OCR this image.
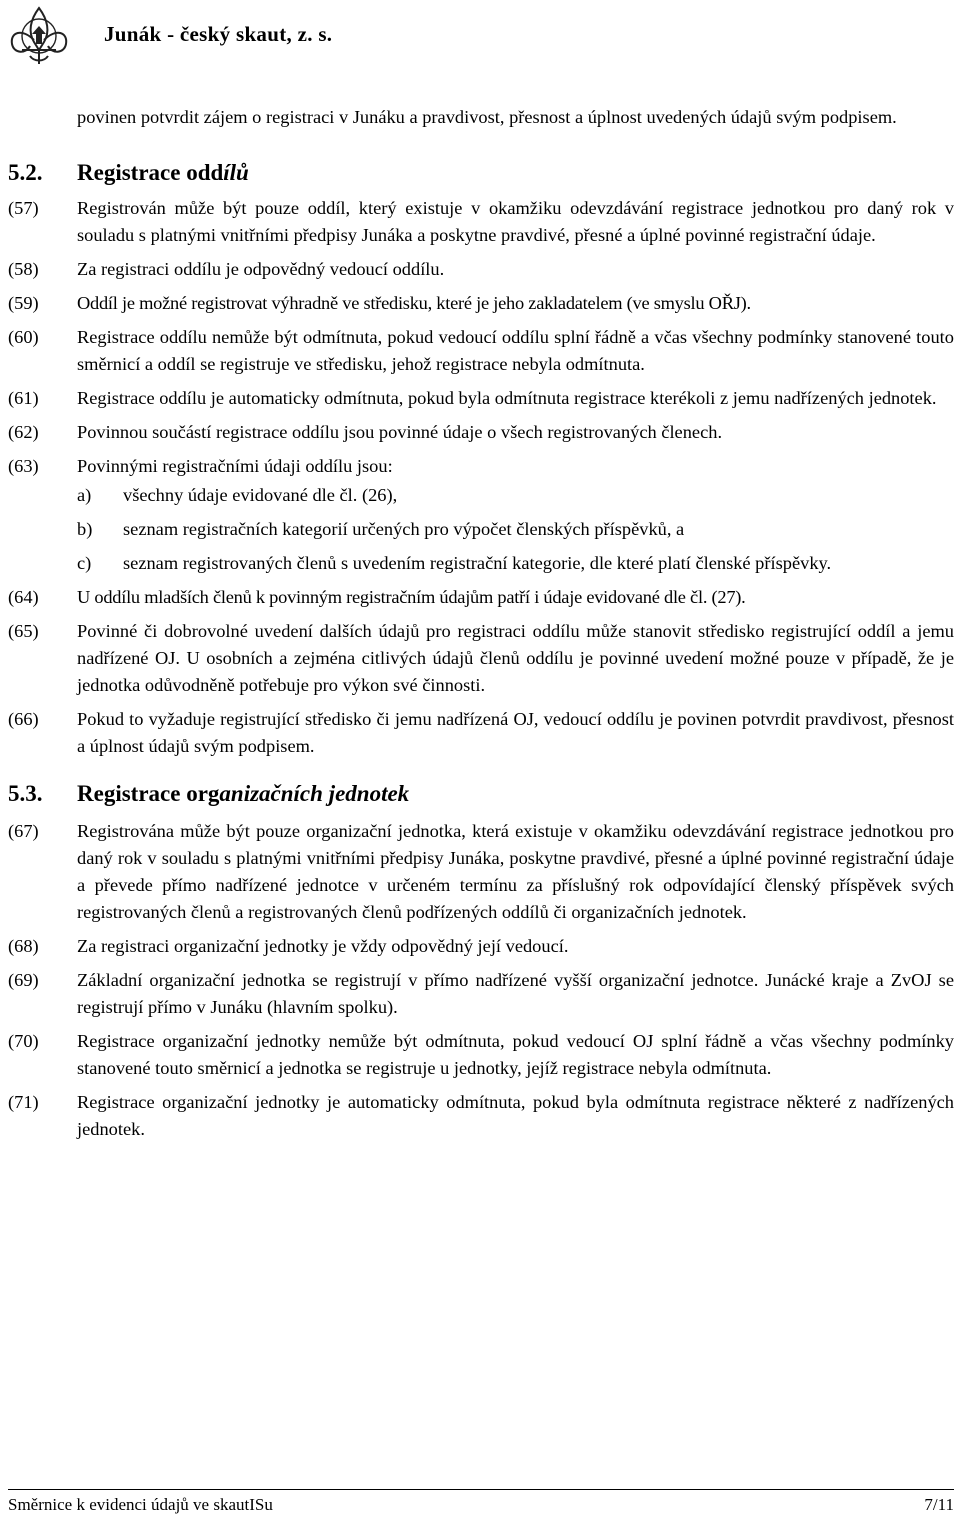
Junák - český skaut, z. s.

povinen potvrdit zájem o registraci v Junáku a pravdivost, přesnost a úplnost uvedených údajů svým podpisem.

5.2.	Registrace oddílů
(57)	Registrován může být pouze oddíl, který existuje v okamžiku odevzdávání registrace jednotkou pro daný rok v souladu s platnými vnitřními předpisy Junáka a poskytne pravdivé, přesné a úplné povinné registrační údaje.
(58)	Za registraci oddílu je odpovědný vedoucí oddílu.
(59)	Oddíl je možné registrovat výhradně ve středisku, které je jeho zakladatelem (ve smyslu OŘJ).
(60)	Registrace oddílu nemůže být odmítnuta, pokud vedoucí oddílu splní řádně a včas všechny podmínky stanovené touto směrnicí a oddíl se registruje ve středisku, jehož registrace nebyla odmítnuta.
(61)	Registrace oddílu je automaticky odmítnuta, pokud byla odmítnuta registrace kterékoli z jemu nadřízených jednotek.
(62)	Povinnou součástí registrace oddílu jsou povinné údaje o všech registrovaných členech.
(63)	Povinnými registračními údaji oddílu jsou:
a)	všechny údaje evidované dle čl. (26),
b)	seznam registračních kategorií určených pro výpočet členských příspěvků, a
c)	seznam registrovaných členů s uvedením registrační kategorie, dle které platí členské příspěvky.
(64)	U oddílu mladších členů k povinným registračním údajům patří i údaje evidované dle čl. (27).
(65)	Povinné či dobrovolné uvedení dalších údajů pro registraci oddílu může stanovit středisko registrující oddíl a jemu nadřízené OJ. U osobních a zejména citlivých údajů členů oddílu je povinné uvedení možné pouze v případě, že je jednotka odůvodněně potřebuje pro výkon své činnosti.
(66)	Pokud to vyžaduje registrující středisko či jemu nadřízená OJ, vedoucí oddílu je povinen potvrdit pravdivost, přesnost a úplnost údajů svým podpisem.
5.3.	Registrace organizačních jednotek
(67)	Registrována může být pouze organizační jednotka, která existuje v okamžiku odevzdávání registrace jednotkou pro daný rok v souladu s platnými vnitřními předpisy Junáka, poskytne pravdivé, přesné a úplné povinné registrační údaje a převede přímo nadřízené jednotce v určeném termínu za příslušný rok odpovídající členský příspěvek svých registrovaných členů a registrovaných členů podřízených oddílů či organizačních jednotek.
(68)	Za registraci organizační jednotky je vždy odpovědný její vedoucí.
(69)	Základní organizační jednotka se registrují v přímo nadřízené vyšší organizační jednotce. Junácké kraje a ZvOJ se registrují přímo v Junáku (hlavním spolku).
(70)	Registrace organizační jednotky nemůže být odmítnuta, pokud vedoucí OJ splní řádně a včas všechny podmínky stanovené touto směrnicí a jednotka se registruje u jednotky, jejíž registrace nebyla odmítnuta.
(71)	Registrace organizační jednotky je automaticky odmítnuta, pokud byla odmítnuta registrace některé z nadřízených jednotek.
Směrnice k evidenci údajů ve skautISu	7/11
